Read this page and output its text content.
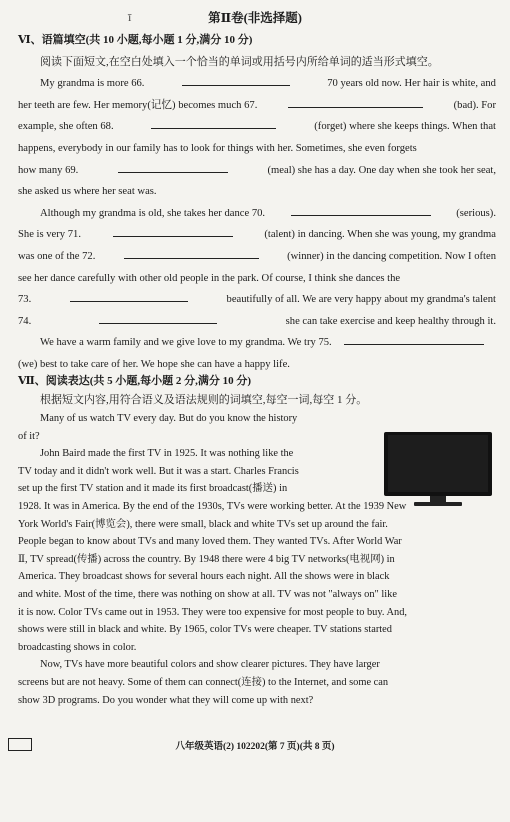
ī	第Ⅱ卷(非选择题)
Ⅵ、语篇填空(共 10 小题,每小题 1 分,满分 10 分)
阅读下面短文,在空白处填入一个恰当的单词或用括号内所给单词的适当形式填空。
My grandma is more 66.	70 years old now. Her hair is white, and
her teeth are few. Her memory(记忆) becomes much 67.	(bad). For
example, she often 68.	(forget) where she keeps things. When that
happens, everybody in our family has to look for things with her. Sometimes, she even forgets
how many 69.	(meal) she has a day. One day when she took her seat,
she asked us where her seat was.
Although my grandma is old, she takes her dance 70.	(serious).
She is very 71.	(talent) in dancing. When she was young, my grandma
was one of the 72.	(winner) in the dancing competition. Now I often
see her dance carefully with other old people in the park. Of course, I think she dances the
73.	beautifully of all. We are very happy about my grandma's talent
74.	she can take exercise and keep healthy through it.
We have a warm family and we give love to my grandma. We try 75.
(we) best to take care of her. We hope she can have a happy life.
Ⅶ、阅读表达(共 5 小题,每小题 2 分,满分 10 分)
根据短文内容,用符合语义及语法规则的词填空,每空一词,每空 1 分。
Many of us watch TV every day. But do you know the history
of it?
John Baird made the first TV in 1925. It was nothing like the
TV today and it didn't work well. But it was a start. Charles Francis
set up the first TV station and it made its first broadcast(播送) in
1928. It was in America. By the end of the 1930s, TVs were working better. At the 1939 New
York World's Fair(博览会), there were small, black and white TVs set up around the fair.
People began to know about TVs and many loved them. They wanted TVs. After World War
Ⅱ, TV spread(传播) across the country. By 1948 there were 4 big TV networks(电视网) in
America. They broadcast shows for several hours each night. All the shows were in black
and white. Most of the time, there was nothing on show at all. TV was not "always on" like
it is now. Color TVs came out in 1953. They were too expensive for most people to buy. And,
shows were still in black and white. By 1965, color TVs were cheaper. TV stations started
broadcasting shows in color.
Now, TVs have more beautiful colors and show clearer pictures. They have larger
screens but are not heavy. Some of them can connect(连接) to the Internet, and some can
show 3D programs. Do you wonder what they will come up with next?
八年级英语(2) 102202(第 7 页)(共 8 页)
